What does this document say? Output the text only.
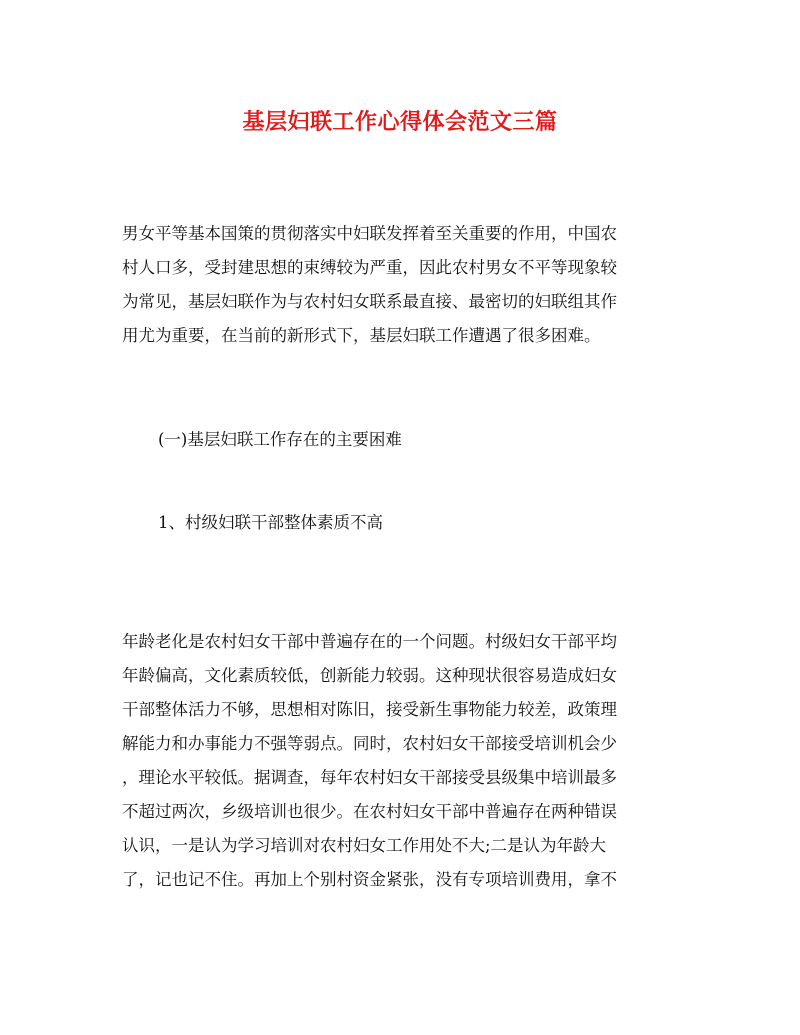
基层妇联工作心得体会范文三篇
男女平等基本国策的贯彻落实中妇联发挥着至关重要的作用，中国农
村人口多，受封建思想的束缚较为严重，因此农村男女不平等现象较
为常见，基层妇联作为与农村妇女联系最直接、最密切的妇联组其作
用尤为重要，在当前的新形式下，基层妇联工作遭遇了很多困难。
(一)基层妇联工作存在的主要困难
1、村级妇联干部整体素质不高
年龄老化是农村妇女干部中普遍存在的一个问题。村级妇女干部平均
年龄偏高，文化素质较低，创新能力较弱。这种现状很容易造成妇女
干部整体活力不够，思想相对陈旧，接受新生事物能力较差，政策理
解能力和办事能力不强等弱点。同时，农村妇女干部接受培训机会少
，理论水平较低。据调查，每年农村妇女干部接受县级集中培训最多
不超过两次，乡级培训也很少。在农村妇女干部中普遍存在两种错误
认识，一是认为学习培训对农村妇女工作用处不大;二是认为年龄大
了，记也记不住。再加上个别村资金紧张，没有专项培训费用，拿不
